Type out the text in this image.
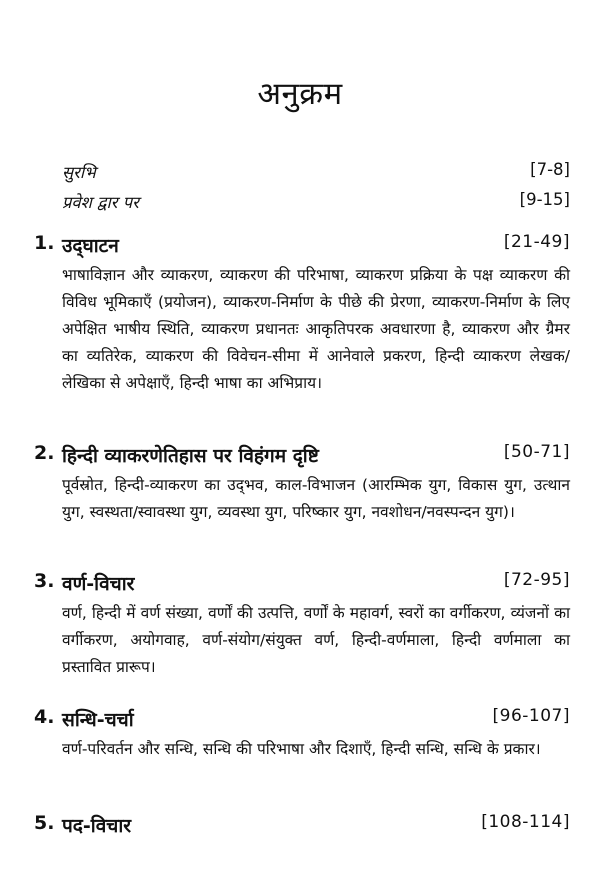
अनुक्रम
सुरभि	[7-8]
प्रवेश द्वार पर	[9-15]
1. उद्‌घाटन	[21-49]

भाषाविज्ञान और व्याकरण, व्याकरण की परिभाषा, व्याकरण प्रक्रिया के पक्ष व्याकरण की विविध भूमिकाएँ (प्रयोजन), व्याकरण-निर्माण के पीछे की प्रेरणा, व्याकरण-निर्माण के लिए अपेक्षित भाषीय स्थिति, व्याकरण प्रधानतः आकृतिपरक अवधारणा है, व्याकरण और ग्रैमर का व्यतिरेक, व्याकरण की विवेचन-सीमा में आनेवाले प्रकरण, हिन्दी व्याकरण लेखक/लेखिका से अपेक्षाएँ, हिन्दी भाषा का अभिप्राय।

2. हिन्दी व्याकरणेतिहास पर विहंगम दृष्टि	[50-71]

पूर्वस्रोत, हिन्दी-व्याकरण का उद्‌भव, काल-विभाजन (आरम्भिक युग, विकास युग, उत्थान युग, स्वस्थता/स्वावस्था युग, व्यवस्था युग, परिष्कार युग, नवशोधन/नवस्पन्दन युग)।

3. वर्ण-विचार	[72-95]

वर्ण, हिन्दी में वर्ण संख्या, वर्णों की उत्पत्ति, वर्णों के महावर्ग, स्वरों का वर्गीकरण, व्यंजनों का वर्गीकरण, अयोगवाह, वर्ण-संयोग/संयुक्त वर्ण, हिन्दी-वर्णमाला, हिन्दी वर्णमाला का प्रस्तावित प्रारूप।

4. सन्धि-चर्चा	[96-107]

वर्ण-परिवर्तन और सन्धि, सन्धि की परिभाषा और दिशाएँ, हिन्दी सन्धि, सन्धि के प्रकार।

5. पद-विचार	[108-114]
